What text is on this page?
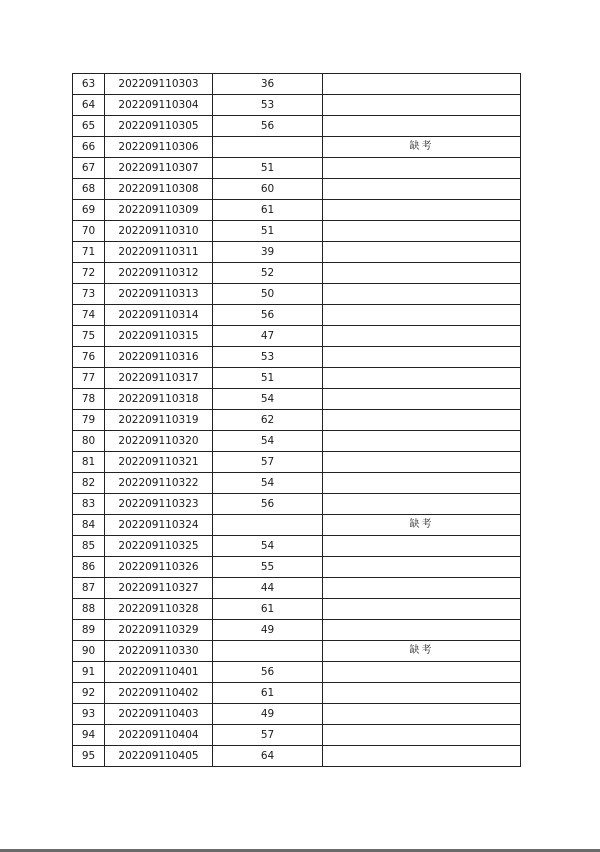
63	202209110303	36	
64	202209110304	53	
65	202209110305	56	
66	202209110306		缺考
67	202209110307	51	
68	202209110308	60	
69	202209110309	61	
70	202209110310	51	
71	202209110311	39	
72	202209110312	52	
73	202209110313	50	
74	202209110314	56	
75	202209110315	47	
76	202209110316	53	
77	202209110317	51	
78	202209110318	54	
79	202209110319	62	
80	202209110320	54	
81	202209110321	57	
82	202209110322	54	
83	202209110323	56	
84	202209110324		缺考
85	202209110325	54	
86	202209110326	55	
87	202209110327	44	
88	202209110328	61	
89	202209110329	49	
90	202209110330		缺考
91	202209110401	56	
92	202209110402	61	
93	202209110403	49	
94	202209110404	57	
95	202209110405	64	
